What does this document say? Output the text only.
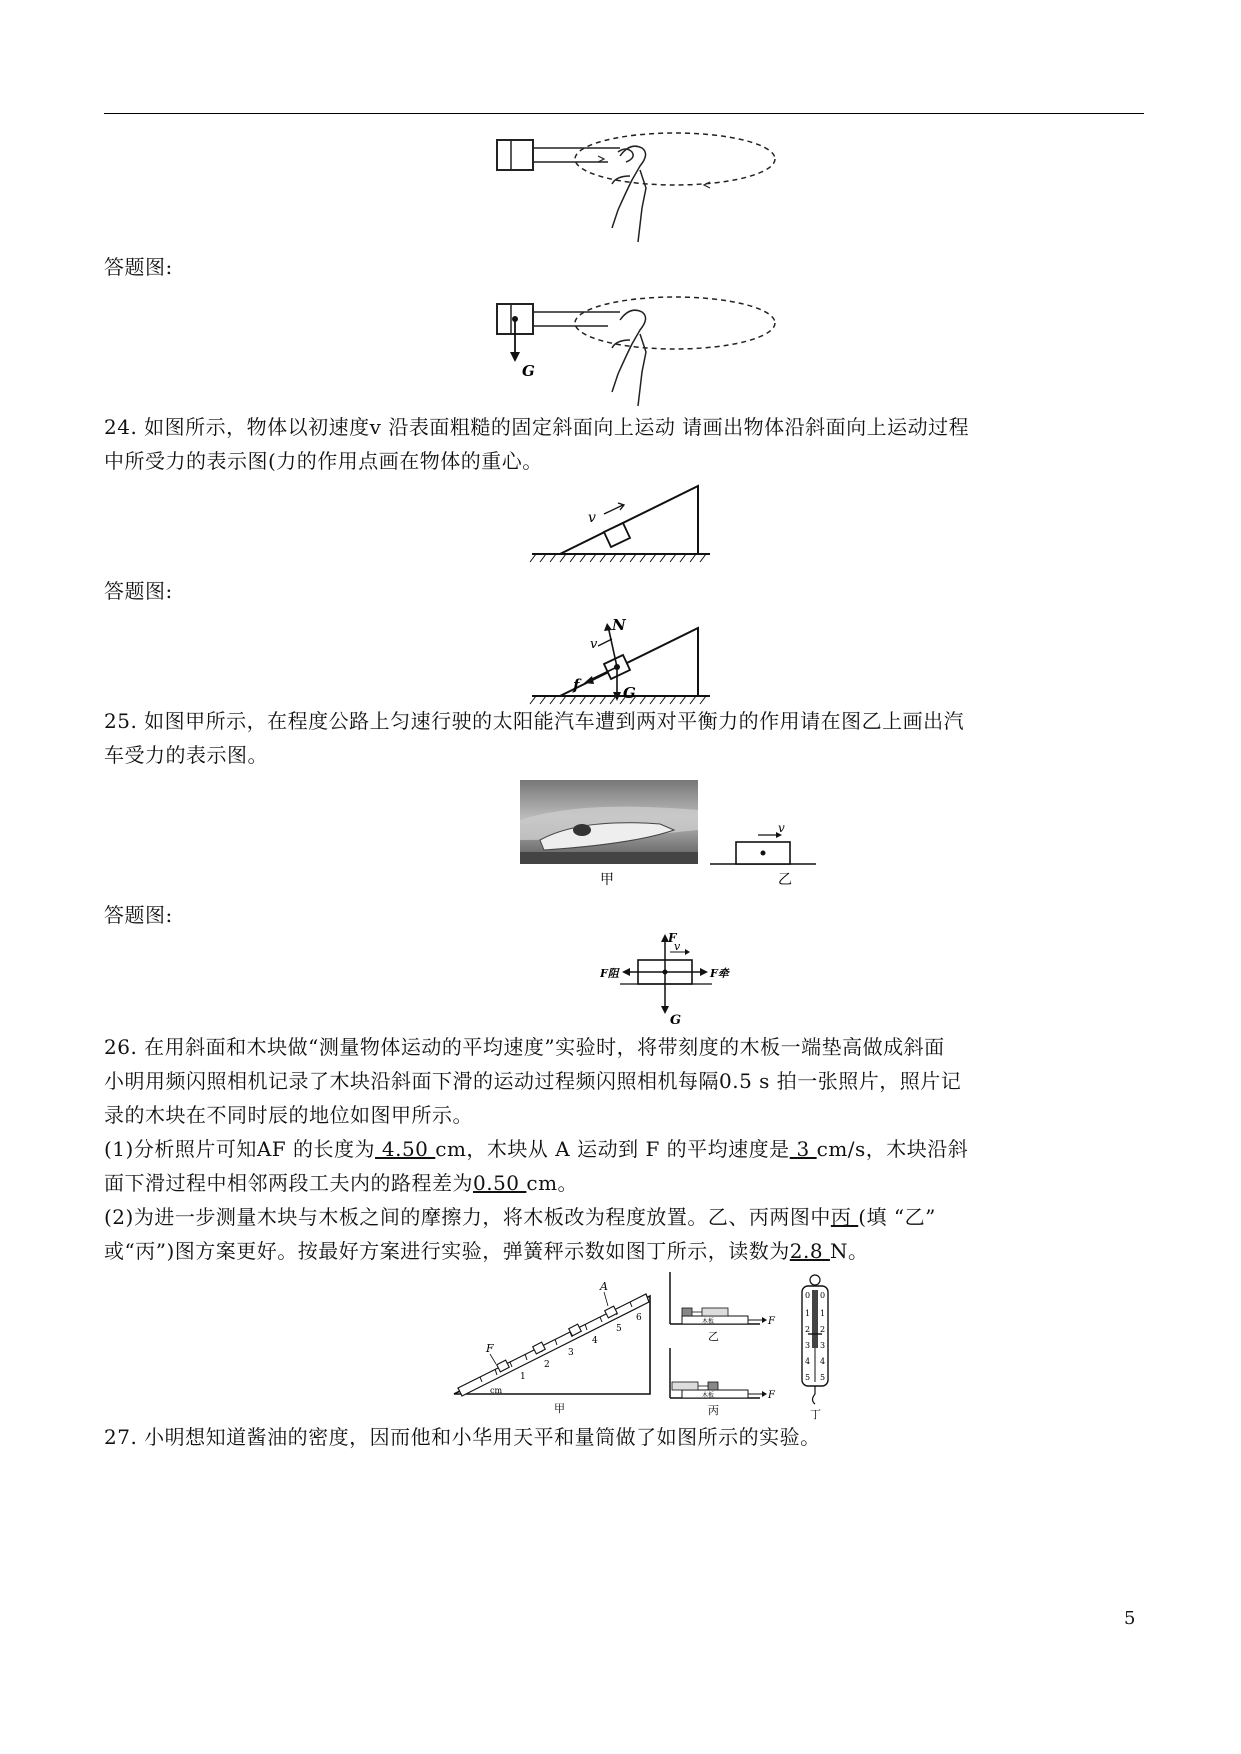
答题图:
G
24. 如图所示，物体以初速度v 沿表面粗糙的固定斜面向上运动 请画出物体沿斜面向上运动过程
中所受力的表示图(力的作用点画在物体的重心。
v
答题图:
N
v
f	G
25. 如图甲所示，在程度公路上匀速行驶的太阳能汽车遭到两对平衡力的作用请在图乙上画出汽
车受力的表示图。
甲
v
乙
答题图:
F
v
F阻	F牵
G
26. 在用斜面和木块做“测量物体运动的平均速度”实验时，将带刻度的木板一端垫高做成斜面
小明用频闪照相机记录了木块沿斜面下滑的运动过程频闪照相机每隔0.5 s 拍一张照片，照片记
录的木块在不同时辰的地位如图甲所示。
(1)分析照片可知AF 的长度为 4.50 cm，木块从 A 运动到 F 的平均速度是 3 cm/s，木块沿斜
面下滑过程中相邻两段工夫内的路程差为0.50 cm。
(2)为进一步测量木块与木板之间的摩擦力，将木板改为程度放置。乙、丙两图中丙 (填 “乙”
或“丙”)图方案更好。按最好方案进行实验，弹簧秤示数如图丁所示，读数为2.8 N。
F
A
cm
1
2
3
4
5
6
甲
木板	F
乙
木板	F
丙
0 0
1 1
2 2
3 3
4 4
5 5
丁
27. 小明想知道酱油的密度，因而他和小华用天平和量筒做了如图所示的实验。
5
